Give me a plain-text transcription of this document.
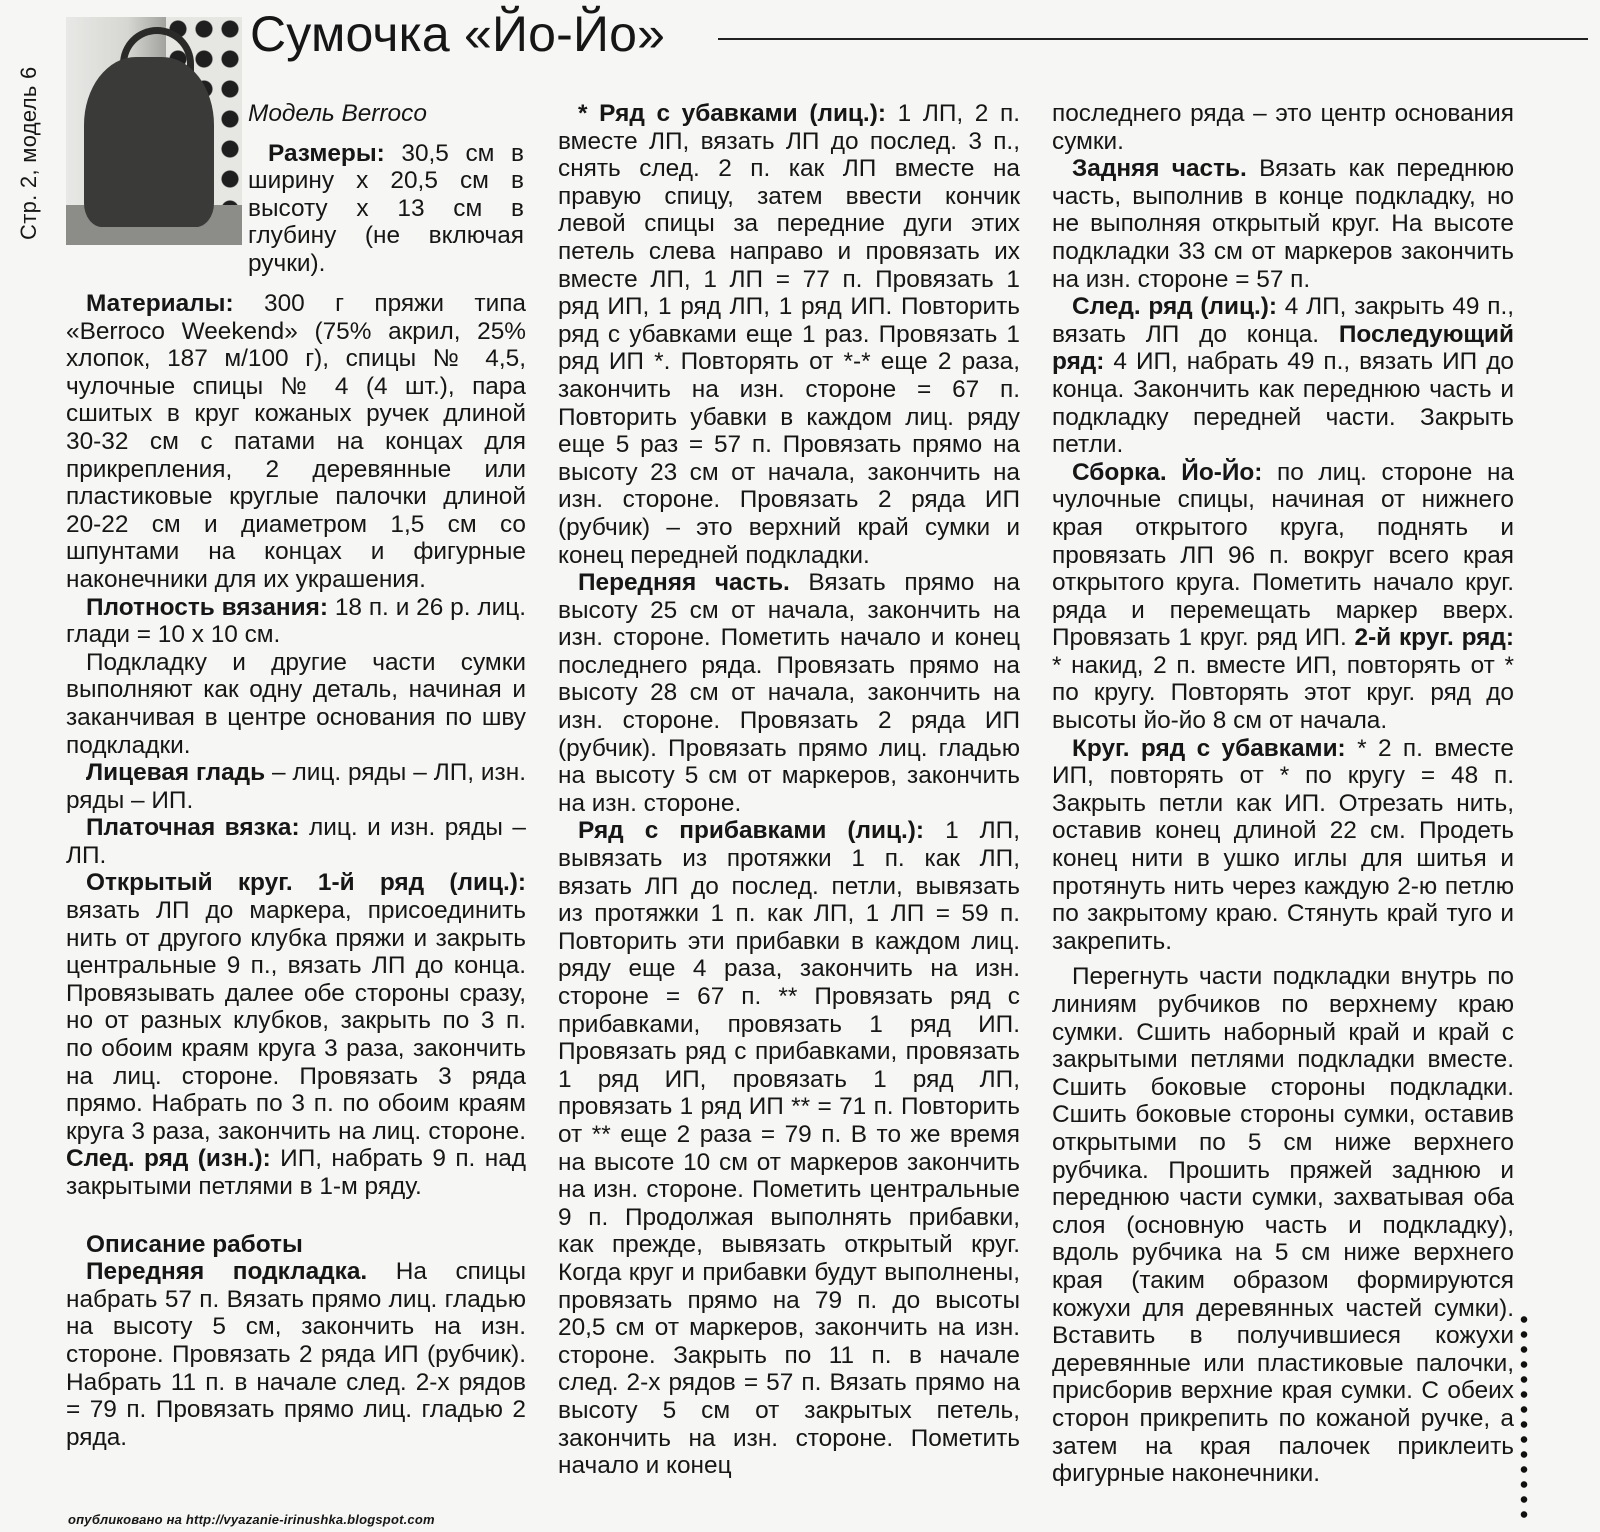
Стр. 2, модель 6
Сумочка «Йо-Йо»

Модель Berroco

Размеры: 30,5 см в ширину х 20,5 см в высоту х 13 см в глубину (не включая ручки).

Материалы: 300 г пряжи типа «Berroco Weekend» (75% акрил, 25% хлопок, 187 м/100 г), спицы № 4,5, чулочные спицы № 4 (4 шт.), пара сшитых в круг кожаных ручек длиной 30-32 см с патами на концах для прикрепления, 2 деревянные или пластиковые круглые палочки длиной 20-22 см и диаметром 1,5 см со шпунтами на концах и фигурные наконечники для их украшения.

Плотность вязания: 18 п. и 26 р. лиц. глади = 10 х 10 см.

Подкладку и другие части сумки выполняют как одну деталь, начиная и заканчивая в центре основания по шву подкладки.

Лицевая гладь – лиц. ряды – ЛП, изн. ряды – ИП.

Платочная вязка: лиц. и изн. ряды – ЛП.

Открытый круг. 1-й ряд (лиц.): вязать ЛП до маркера, присоединить нить от другого клубка пряжи и закрыть центральные 9 п., вязать ЛП до конца. Провязывать далее обе стороны сразу, но от разных клубков, закрыть по 3 п. по обоим краям круга 3 раза, закончить на лиц. стороне. Провязать 3 ряда прямо. Набрать по 3 п. по обоим краям круга 3 раза, закончить на лиц. стороне. След. ряд (изн.): ИП, набрать 9 п. над закрытыми петлями в 1-м ряду.

Описание работы

Передняя подкладка. На спицы набрать 57 п. Вязать прямо лиц. гладью на высоту 5 см, закончить на изн. стороне. Провязать 2 ряда ИП (рубчик). Набрать 11 п. в начале след. 2-х рядов = 79 п. Провязать прямо лиц. гладью 2 ряда.

* Ряд с убавками (лиц.): 1 ЛП, 2 п. вместе ЛП, вязать ЛП до послед. 3 п., снять след. 2 п. как ЛП вместе на правую спицу, затем ввести кончик левой спицы за передние дуги этих петель слева направо и провязать их вместе ЛП, 1 ЛП = 77 п. Провязать 1 ряд ИП, 1 ряд ЛП, 1 ряд ИП. Повторить ряд с убавками еще 1 раз. Провязать 1 ряд ИП *. Повторять от *-* еще 2 раза, закончить на изн. стороне = 67 п. Повторить убавки в каждом лиц. ряду еще 5 раз = 57 п. Провязать прямо на высоту 23 см от начала, закончить на изн. стороне. Провязать 2 ряда ИП (рубчик) – это верхний край сумки и конец передней подкладки.

Передняя часть. Вязать прямо на высоту 25 см от начала, закончить на изн. стороне. Пометить начало и конец последнего ряда. Провязать прямо на высоту 28 см от начала, закончить на изн. стороне. Провязать 2 ряда ИП (рубчик). Провязать прямо лиц. гладью на высоту 5 см от маркеров, закончить на изн. стороне.

Ряд с прибавками (лиц.): 1 ЛП, вывязать из протяжки 1 п. как ЛП, вязать ЛП до послед. петли, вывязать из протяжки 1 п. как ЛП, 1 ЛП = 59 п. Повторить эти прибавки в каждом лиц. ряду еще 4 раза, закончить на изн. стороне = 67 п. ** Провязать ряд с прибавками, провязать 1 ряд ИП. Провязать ряд с прибавками, провязать 1 ряд ИП, провязать 1 ряд ЛП, провязать 1 ряд ИП ** = 71 п. Повторить от ** еще 2 раза = 79 п. В то же время на высоте 10 см от маркеров закончить на изн. стороне. Пометить центральные 9 п. Продолжая выполнять прибавки, как прежде, вывязать открытый круг. Когда круг и прибавки будут выполнены, провязать прямо на 79 п. до высоты 20,5 см от маркеров, закончить на изн. стороне. Закрыть по 11 п. в начале след. 2-х рядов = 57 п. Вязать прямо на высоту 5 см от закрытых петель, закончить на изн. стороне. Пометить начало и конец

последнего ряда – это центр основания сумки.

Задняя часть. Вязать как переднюю часть, выполнив в конце подкладку, но не выполняя открытый круг. На высоте подкладки 33 см от маркеров закончить на изн. стороне = 57 п.

След. ряд (лиц.): 4 ЛП, закрыть 49 п., вязать ЛП до конца. Последующий ряд: 4 ИП, набрать 49 п., вязать ИП до конца. Закончить как переднюю часть и подкладку передней части. Закрыть петли.

Сборка. Йо-Йо: по лиц. стороне на чулочные спицы, начиная от нижнего края открытого круга, поднять и провязать ЛП 96 п. вокруг всего края открытого круга. Пометить начало круг. ряда и перемещать маркер вверх. Провязать 1 круг. ряд ИП. 2-й круг. ряд: * накид, 2 п. вместе ИП, повторять от * по кругу. Повторять этот круг. ряд до высоты йо-йо 8 см от начала.

Круг. ряд с убавками: * 2 п. вместе ИП, повторять от * по кругу = 48 п. Закрыть петли как ИП. Отрезать нить, оставив конец длиной 22 см. Продеть конец нити в ушко иглы для шитья и протянуть нить через каждую 2-ю петлю по закрытому краю. Стянуть край туго и закрепить.

Перегнуть части подкладки внутрь по линиям рубчиков по верхнему краю сумки. Сшить наборный край и край с закрытыми петлями подкладки вместе. Сшить боковые стороны подкладки. Сшить боковые стороны сумки, оставив открытыми по 5 см ниже верхнего рубчика. Прошить пряжей заднюю и переднюю части сумки, захватывая оба слоя (основную часть и подкладку), вдоль рубчика на 5 см ниже верхнего края (таким образом формируются кожухи для деревянных частей сумки). Вставить в получившиеся кожухи деревянные или пластиковые палочки, присборив верхние края сумки. С обеих сторон прикрепить по кожаной ручке, а затем на края палочек приклеить фигурные наконечники.

опубликовано на http://vyazanie-irinushka.blogspot.com
